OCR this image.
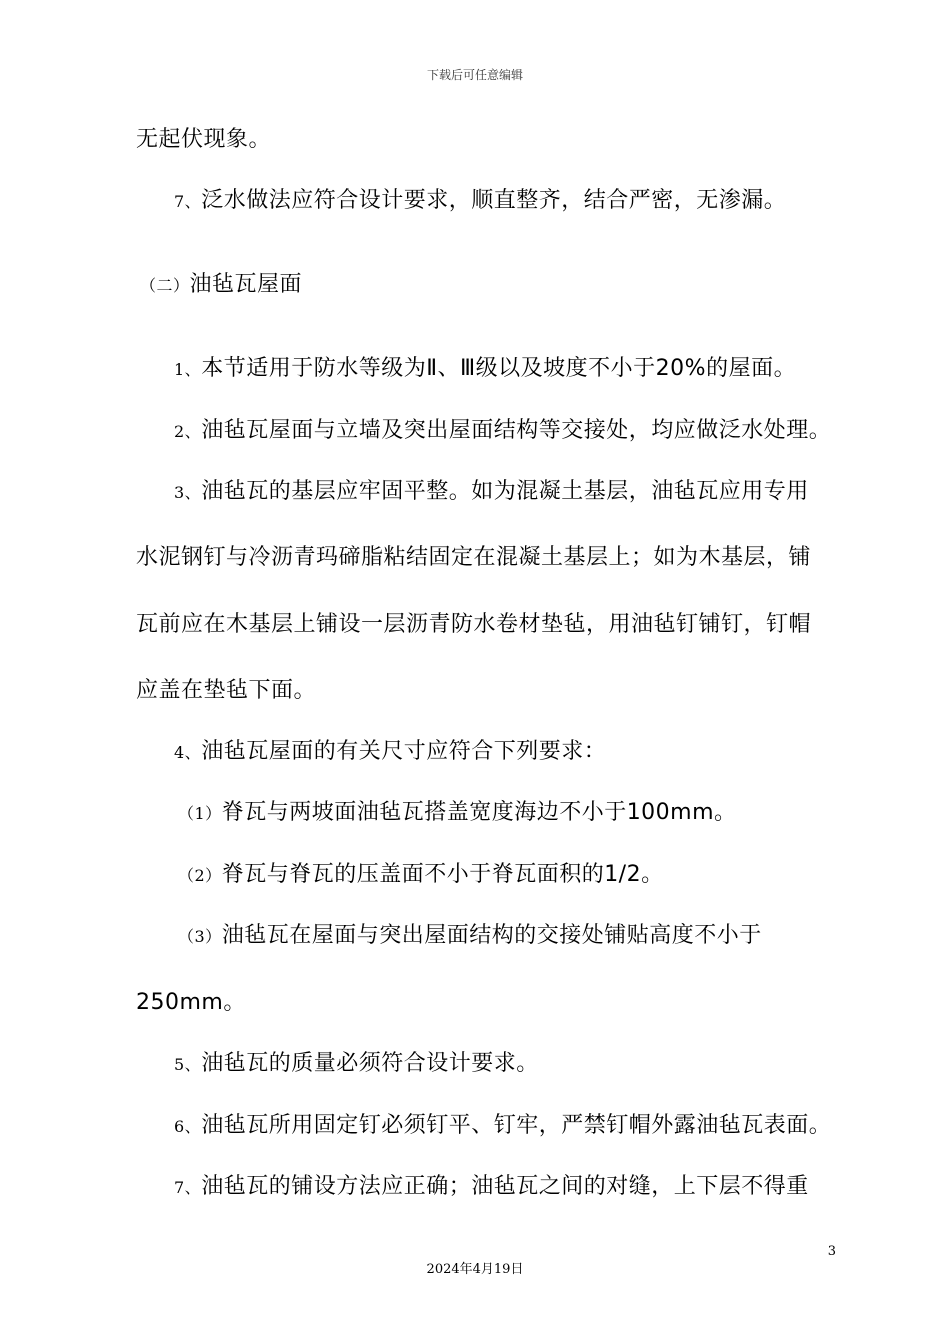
下载后可任意编辑
无起伏现象。
7、泛水做法应符合设计要求，顺直整齐，结合严密，无渗漏。
（二）油毡瓦屋面
1、本节适用于防水等级为Ⅱ、Ⅲ级以及坡度不小于20%的屋面。
2、油毡瓦屋面与立墙及突出屋面结构等交接处，均应做泛水处理。
3、油毡瓦的基层应牢固平整。如为混凝土基层，油毡瓦应用专用
水泥钢钉与冷沥青玛碲脂粘结固定在混凝土基层上；如为木基层，铺
瓦前应在木基层上铺设一层沥青防水卷材垫毡，用油毡钉铺钉，钉帽
应盖在垫毡下面。
4、油毡瓦屋面的有关尺寸应符合下列要求：
（1）脊瓦与两坡面油毡瓦搭盖宽度海边不小于100mm。
（2）脊瓦与脊瓦的压盖面不小于脊瓦面积的1/2。
（3）油毡瓦在屋面与突出屋面结构的交接处铺贴高度不小于
250mm。
5、油毡瓦的质量必须符合设计要求。
6、油毡瓦所用固定钉必须钉平、钉牢，严禁钉帽外露油毡瓦表面。
7、油毡瓦的铺设方法应正确；油毡瓦之间的对缝，上下层不得重
3
2024年4月19日
